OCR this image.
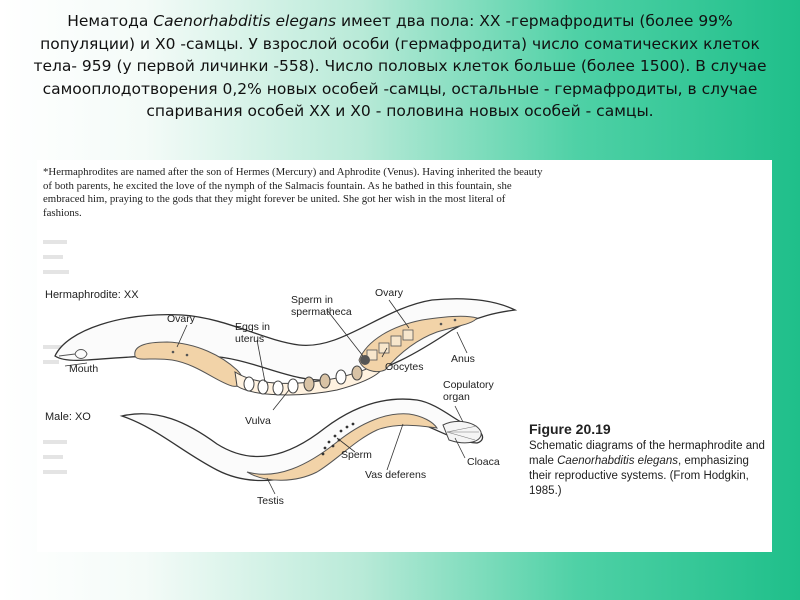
Нематода Caenorhabditis elegans имеет два пола: ХХ -гермафродиты (более 99% популяции) и Х0 -самцы. У взрослой особи (гермафродита) число соматических клеток тела- 959 (у первой личинки -558). Число половых клеток больше (более 1500). В случае самооплодотворения 0,2% новых особей -самцы, остальные - гермафродиты, в случае спаривания особей ХХ и Х0 - половина новых особей - самцы.
*Hermaphrodites are named after the son of Hermes (Mercury) and Aphrodite (Venus). Having inherited the beauty of both parents, he excited the love of the nymph of the Salmacis fountain. As he bathed in this fountain, she embraced him, praying to the gods that they might forever be united. She got her wish in the most literal of fashions.
Hermaphrodite: XX
Ovary
Eggs in
uterus
Sperm in
spermatheca
Ovary
Mouth	Oocytes
Vulva
Anus
Male: XO
Copulatory
organ
Sperm
Cloaca
Vas deferens
Testis
Figure 20.19
Schematic diagrams of the hermaphrodite and male Caenorhabditis elegans, emphasizing their reproductive systems. (From Hodgkin, 1985.)
